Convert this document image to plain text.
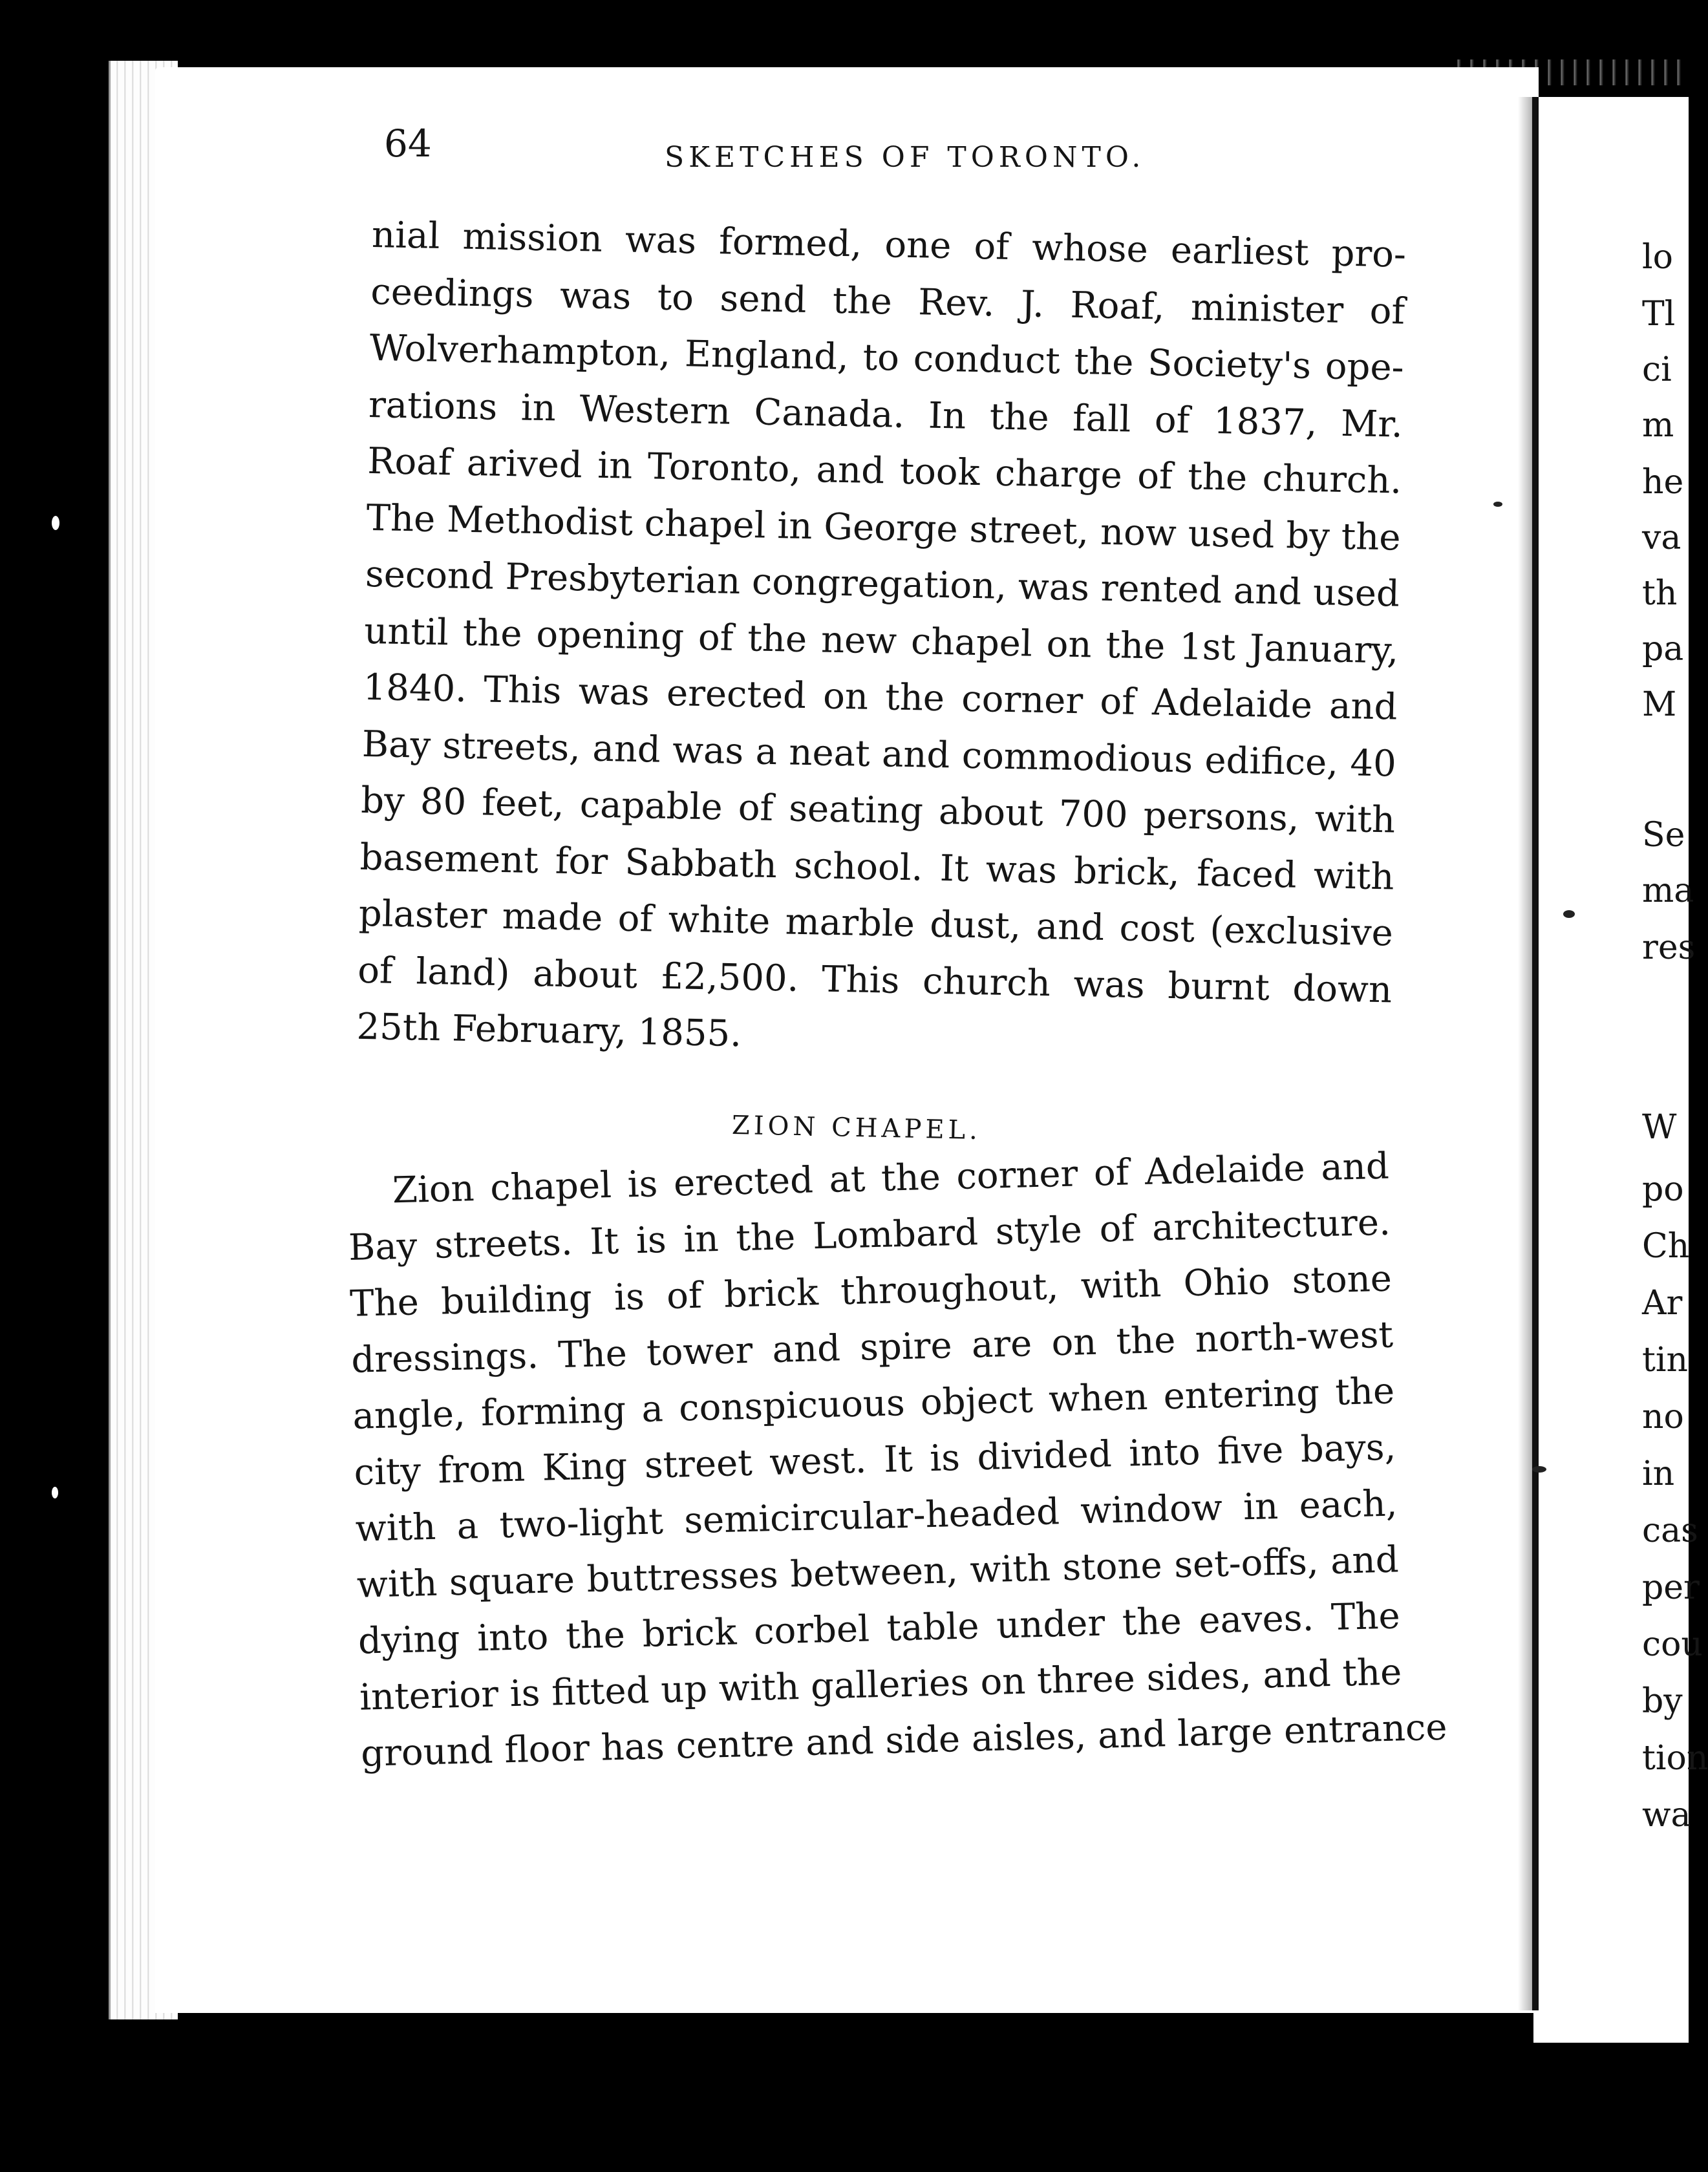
64	SKETCHES OF TORONTO.
nial mission was formed, one of whose earliest pro-
ceedings was to send the Rev. J. Roaf, minister of
Wolverhampton, England, to conduct the Society's ope-
rations in Western Canada. In the fall of 1837, Mr.
Roaf arived in Toronto, and took charge of the church.
The Methodist chapel in George street, now used by the
second Presbyterian congregation, was rented and used
until the opening of the new chapel on the 1st January,
1840. This was erected on the corner of Adelaide and
Bay streets, and was a neat and commodious edifice, 40
by 80 feet, capable of seating about 700 persons, with
basement for Sabbath school. It was brick, faced with
plaster made of white marble dust, and cost (exclusive
of land) about £2,500. This church was burnt down
25th February, 1855.
ZION CHAPEL.
Zion chapel is erected at the corner of Adelaide and
Bay streets. It is in the Lombard style of architecture.
The building is of brick throughout, with Ohio stone
dressings. The tower and spire are on the north-west
angle, forming a conspicuous object when entering the
city from King street west. It is divided into five bays,
with a two-light semicircular-headed window in each,
with square buttresses between, with stone set-offs, and
dying into the brick corbel table under the eaves. The
interior is fitted up with galleries on three sides, and the
ground floor has centre and side aisles, and large entrance
lo
Tl
ci
m
he
va
th
pa
M
Se
ma
res
W
po
Ch
Ar
tin
no
in
cas
per
cou
by
tion
wa
